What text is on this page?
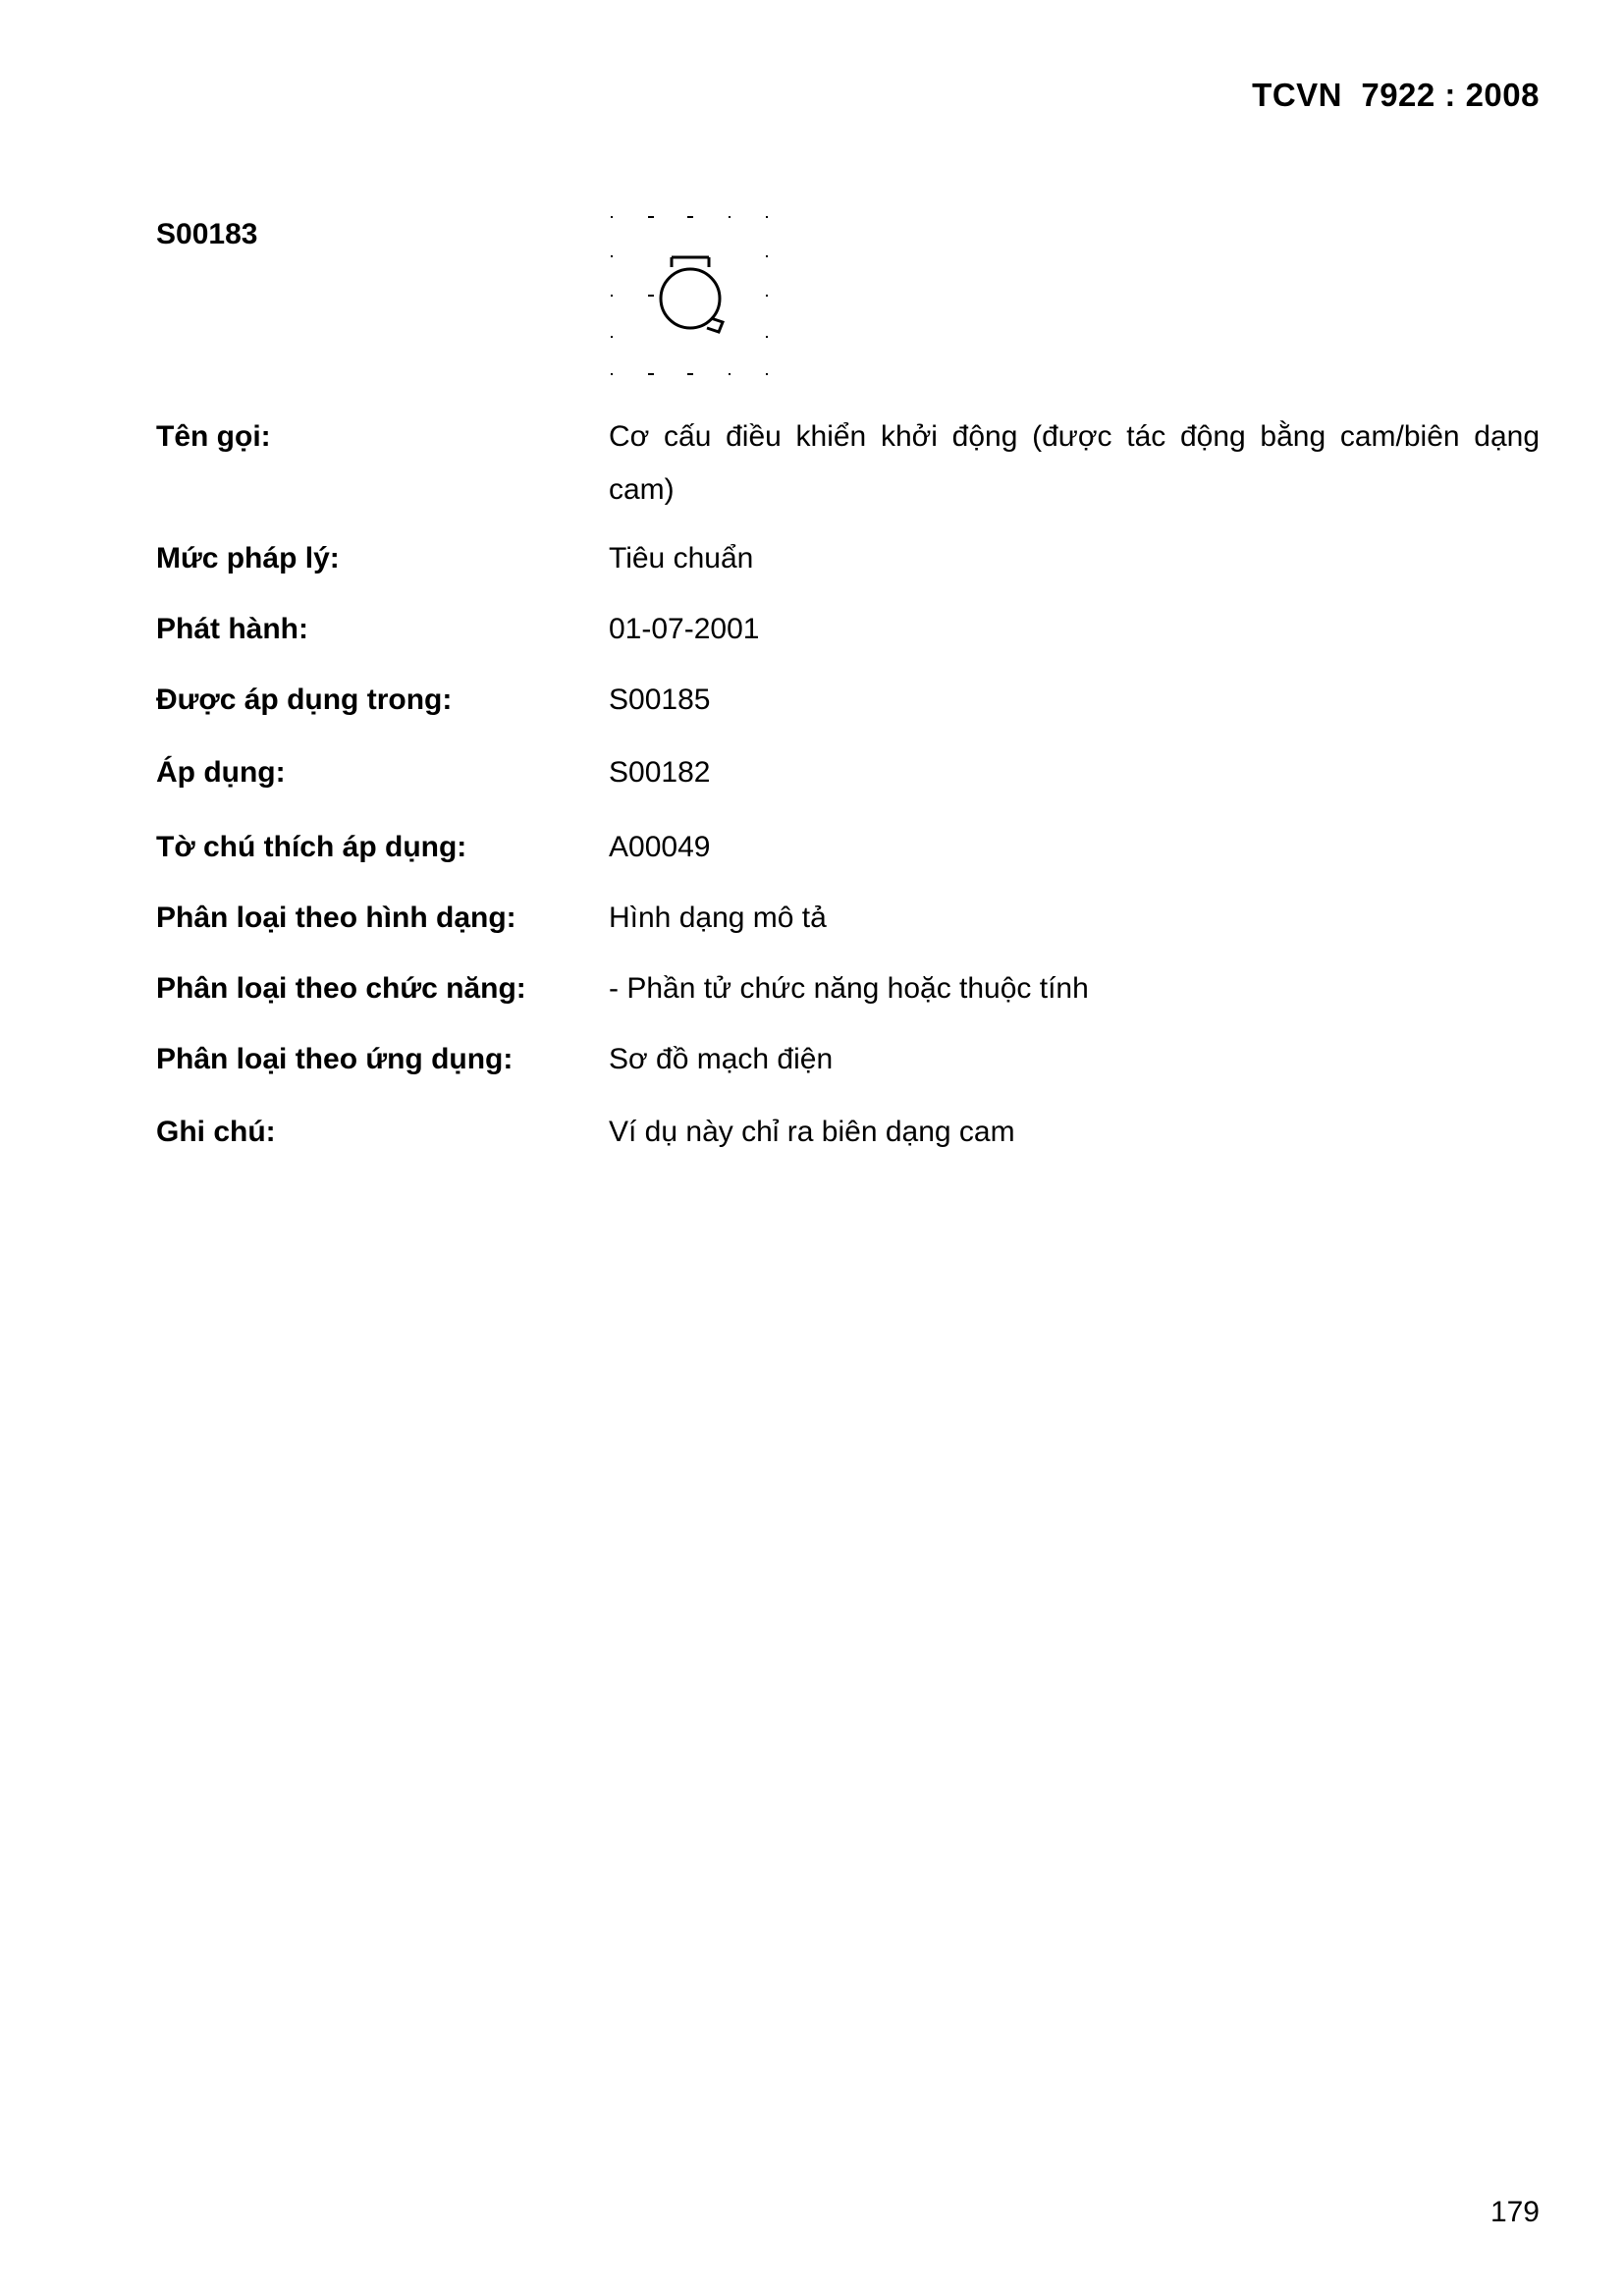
TCVN  7922 : 2008
S00183
Tên gọi:	Cơ cấu điều khiển khởi động (được tác động bằng cam/biên dạng cam)
Mức pháp lý:	Tiêu chuẩn
Phát hành:	01-07-2001
Được áp dụng trong:	S00185
Áp dụng:	S00182
Tờ chú thích áp dụng:	A00049
Phân loại theo hình dạng:	Hình dạng mô tả
Phân loại theo chức năng:	- Phần tử chức năng hoặc thuộc tính
Phân loại theo ứng dụng:	Sơ đồ mạch điện
Ghi chú:	Ví dụ này chỉ ra biên dạng cam
179
